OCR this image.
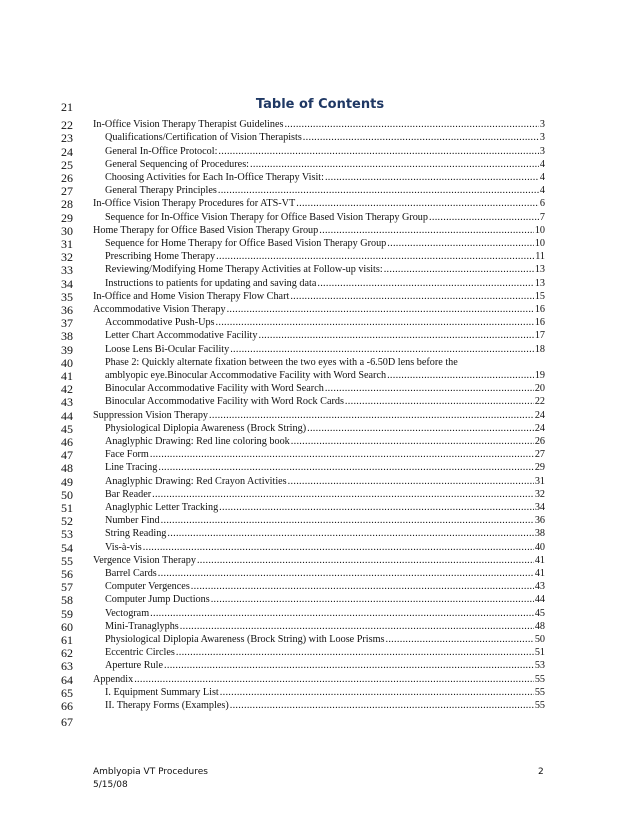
Table of Contents
21
22
23
24
25
26
27
28
29
30
31
32
33
34
35
36
37
38
39
40
41
42
43
44
45
46
47
48
49
50
51
52
53
54
55
56
57
58
59
60
61
62
63
64
65
66
67
In-Office Vision Therapy Therapist Guidelines .....	3
Qualifications/Certification of Vision Therapists .....	3
General In-Office Protocol: .....	3
General Sequencing of Procedures: .....	4
Choosing Activities for Each In-Office Therapy Visit: .....	4
General Therapy Principles .....	4
In-Office Vision Therapy Procedures for ATS-VT .....	6
Sequence for In-Office Vision Therapy for Office Based Vision Therapy Group .....	7
Home Therapy for Office Based Vision Therapy Group .....	10
Sequence for Home Therapy for Office Based Vision Therapy Group .....	10
Prescribing Home Therapy .....	11
Reviewing/Modifying Home Therapy Activities at Follow-up visits: .....	13
Instructions to patients for updating and saving data .....	13
In-Office and Home Vision Therapy Flow Chart .....	15
Accommodative Vision Therapy .....	16
Accommodative Push-Ups .....	16
Letter Chart Accommodative Facility .....	17
Loose Lens Bi-Ocular Facility .....	18
Phase 2: Quickly alternate fixation between the two eyes with a -6.50D lens before the
amblyopic eye.Binocular Accommodative Facility with Word Search .....	19
Binocular Accommodative Facility with Word Search .....	20
Binocular Accommodative Facility with Word Rock Cards .....	22
Suppression Vision Therapy .....	24
Physiological Diplopia Awareness (Brock String) .....	24
Anaglyphic Drawing: Red line coloring book .....	26
Face Form .....	27
Line Tracing .....	29
Anaglyphic Drawing: Red Crayon Activities .....	31
Bar Reader .....	32
Anaglyphic Letter Tracking .....	34
Number Find .....	36
String Reading .....	38
Vis-à-vis .....	40
Vergence Vision Therapy .....	41
Barrel Cards .....	41
Computer Vergences .....	43
Computer Jump Ductions .....	44
Vectogram .....	45
Mini-Tranaglyphs .....	48
Physiological Diplopia Awareness (Brock String) with Loose Prisms .....	50
Eccentric Circles .....	51
Aperture Rule .....	53
Appendix .....	55
I. Equipment Summary List .....	55
II. Therapy Forms (Examples) .....	55
Amblyopia VT Procedures
5/15/08
2
